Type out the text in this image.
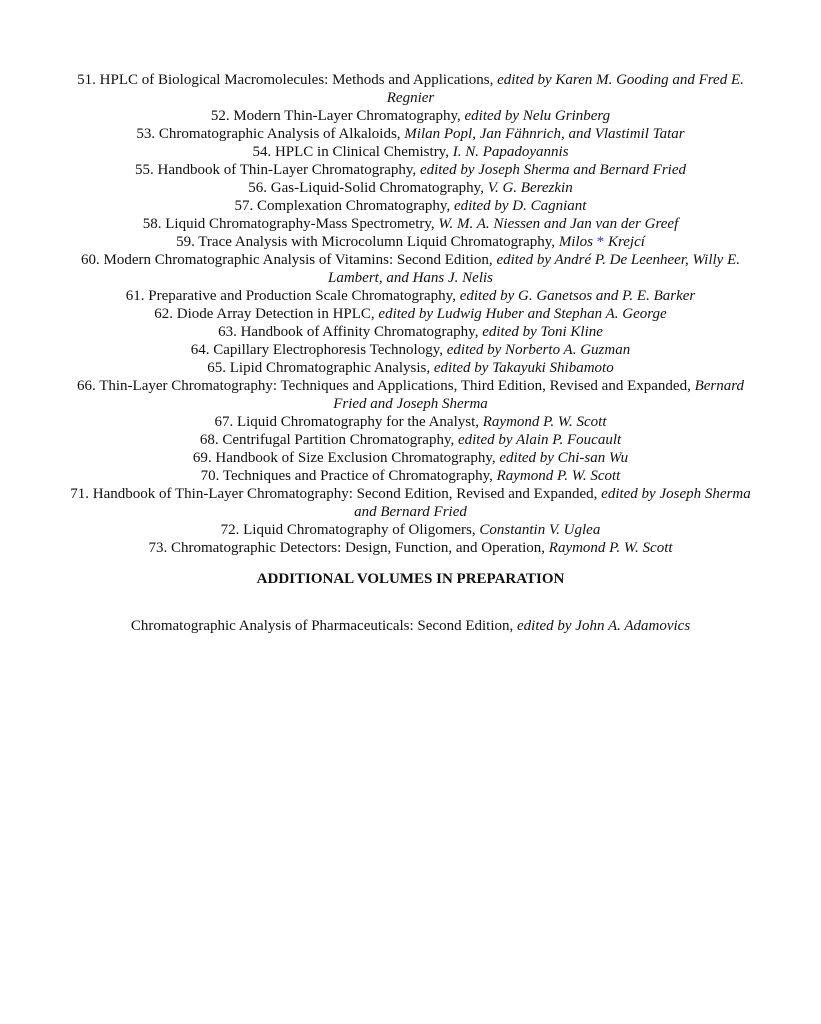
51. HPLC of Biological Macromolecules: Methods and Applications, edited by Karen M. Gooding and Fred E. Regnier

52. Modern Thin-Layer Chromatography, edited by Nelu Grinberg

53. Chromatographic Analysis of Alkaloids, Milan Popl, Jan Fähnrich, and Vlastimil Tatar

54. HPLC in Clinical Chemistry, I. N. Papadoyannis

55. Handbook of Thin-Layer Chromatography, edited by Joseph Sherma and Bernard Fried

56. Gas-Liquid-Solid Chromatography, V. G. Berezkin

57. Complexation Chromatography, edited by D. Cagniant

58. Liquid Chromatography-Mass Spectrometry, W. M. A. Niessen and Jan van der Greef

59. Trace Analysis with Microcolumn Liquid Chromatography, Milos * Krejcí

60. Modern Chromatographic Analysis of Vitamins: Second Edition, edited by André P. De Leenheer, Willy E. Lambert, and Hans J. Nelis

61. Preparative and Production Scale Chromatography, edited by G. Ganetsos and P. E. Barker

62. Diode Array Detection in HPLC, edited by Ludwig Huber and Stephan A. George

63. Handbook of Affinity Chromatography, edited by Toni Kline

64. Capillary Electrophoresis Technology, edited by Norberto A. Guzman

65. Lipid Chromatographic Analysis, edited by Takayuki Shibamoto

66. Thin-Layer Chromatography: Techniques and Applications, Third Edition, Revised and Expanded, Bernard Fried and Joseph Sherma

67. Liquid Chromatography for the Analyst, Raymond P. W. Scott

68. Centrifugal Partition Chromatography, edited by Alain P. Foucault

69. Handbook of Size Exclusion Chromatography, edited by Chi-san Wu

70. Techniques and Practice of Chromatography, Raymond P. W. Scott

71. Handbook of Thin-Layer Chromatography: Second Edition, Revised and Expanded, edited by Joseph Sherma and Bernard Fried

72. Liquid Chromatography of Oligomers, Constantin V. Uglea

73. Chromatographic Detectors: Design, Function, and Operation, Raymond P. W. Scott

ADDITIONAL VOLUMES IN PREPARATION

Chromatographic Analysis of Pharmaceuticals: Second Edition, edited by John A. Adamovics
